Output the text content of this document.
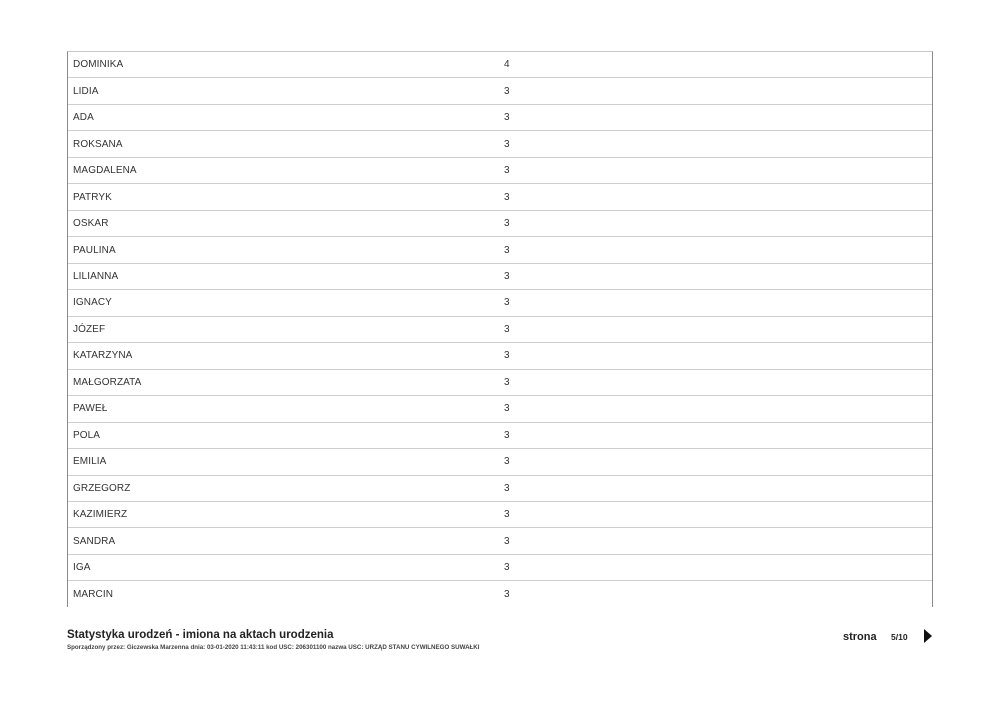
DOMINIKA	4
LIDIA	3
ADA	3
ROKSANA	3
MAGDALENA	3
PATRYK	3
OSKAR	3
PAULINA	3
LILIANNA	3
IGNACY	3
JÓZEF	3
KATARZYNA	3
MAŁGORZATA	3
PAWEŁ	3
POLA	3
EMILIA	3
GRZEGORZ	3
KAZIMIERZ	3
SANDRA	3
IGA	3
MARCIN	3
Statystyka urodzeń - imiona na aktach urodzenia
Sporządzony przez: Giczewska Marzenna dnia: 03-01-2020 11:43:11 kod USC: 206301100 nazwa USC: URZĄD STANU CYWILNEGO SUWAŁKI
strona 5/10
